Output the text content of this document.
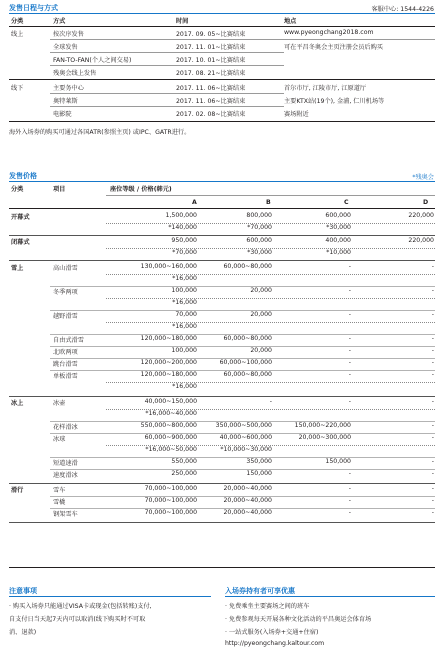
发售日程与方式	客服中心: 1544-4226
分类	方式	时间	地点
线上	按次序发售	2017. 09. 05~比赛结束	www.pyeongchang2018.com
全球发售	2017. 11. 01~比赛结束	可在平昌冬奥会主页注册会员后购买
FAN-TO-FAN(个人之间交易)	2017. 10. 01~比赛结束
残奥会线上发售	2017. 08. 21~比赛结束
线下	主要务中心	2017. 11. 06~比赛结束	首尔市厅, 江陵市厅, 江原道厅
奥特莱斯	2017. 11. 06~比赛结束	主要KTX站(19个), 金浦, 仁川机场等
电影院	2017. 02. 08~比赛结束	赛场附近
海外入场券的购买可通过各国ATR(参照主页) 或IPC、GATR进行。
发售价格	*残奥会
分类	项目	座位等级 / 价格(韩元)
A	B	C	D
开幕式	1,500,000	800,000	600,000	220,000
*140,000	*70,000	*30,000
闭幕式	950,000	600,000	400,000	220,000
*70,000	*30,000	*10,000
雪上	高山滑雪	130,000~160,000	60,000~80,000	-	-
*16,000
冬季两项	100,000	20,000	-	-
*16,000
越野滑雪	70,000	20,000	-	-
*16,000
自由式滑雪	120,000~180,000	60,000~80,000	-	-
北欧两项	100,000	20,000	-	-
跳台滑雪	120,000~200,000	60,000~100,000	-	-
单板滑雪	120,000~180,000	60,000~80,000	-	-
*16,000
冰上	冰壶	40,000~150,000	-	-	-
*16,000~40,000
花样滑冰	550,000~800,000	350,000~500,000	150,000~220,000	-
冰球	60,000~900,000	40,000~600,000	20,000~300,000	-
*16,000~50,000	*10,000~30,000
短道速滑	550,000	350,000	150,000	-
速度滑冰	250,000	150,000	-	-
滑行	雪车	70,000~100,000	20,000~40,000	-	-
雪橇	70,000~100,000	20,000~40,000	-	-
钢架雪车	70,000~100,000	20,000~40,000	-	-
注意事项
· 购买入场券只能通过VISA卡或现金(包括转账)支付,
自支付日当天起7天内可以取消(线下购买时不可取
消、退款)
入场券持有者可享优惠
· 免费乘坐主要赛场之间的班车
· 免费参观每天开展各种文化活动的平昌奥运会体育场
· 一站式服务(入场券+交通+住宿)
http://pyeongchang.kaltour.com
